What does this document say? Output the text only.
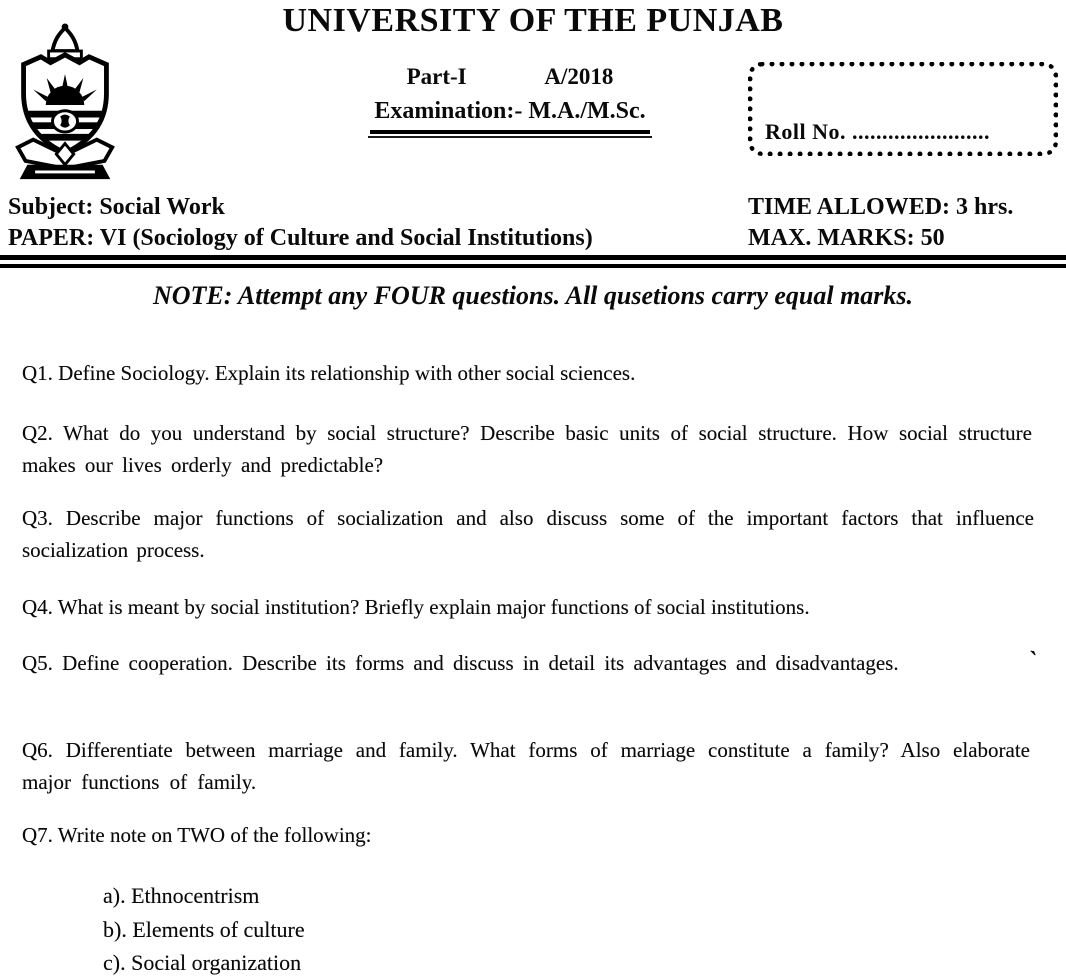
UNIVERSITY OF THE PUNJAB
Part-I	A/2018
Examination:- M.A./M.Sc.
Roll No. .......................
Subject: Social Work
PAPER: VI (Sociology of Culture and Social Institutions)
TIME ALLOWED: 3 hrs.
MAX. MARKS: 50
NOTE: Attempt any FOUR questions. All qusetions carry equal marks.

Q1. Define Sociology. Explain its relationship with other social sciences.

Q2. What do you understand by social structure? Describe basic units of social structure. How social structure makes our lives orderly and predictable?

Q3. Describe major functions of socialization and also discuss some of the important factors that influence socialization process.

Q4. What is meant by social institution? Briefly explain major functions of social institutions.

Q5. Define cooperation. Describe its forms and discuss in detail its advantages and disadvantages.

Q6. Differentiate between marriage and family. What forms of marriage constitute a family? Also elaborate major functions of family.

Q7. Write note on TWO of the following:

a). Ethnocentrism
b). Elements of culture
c). Social organization
ˋ
